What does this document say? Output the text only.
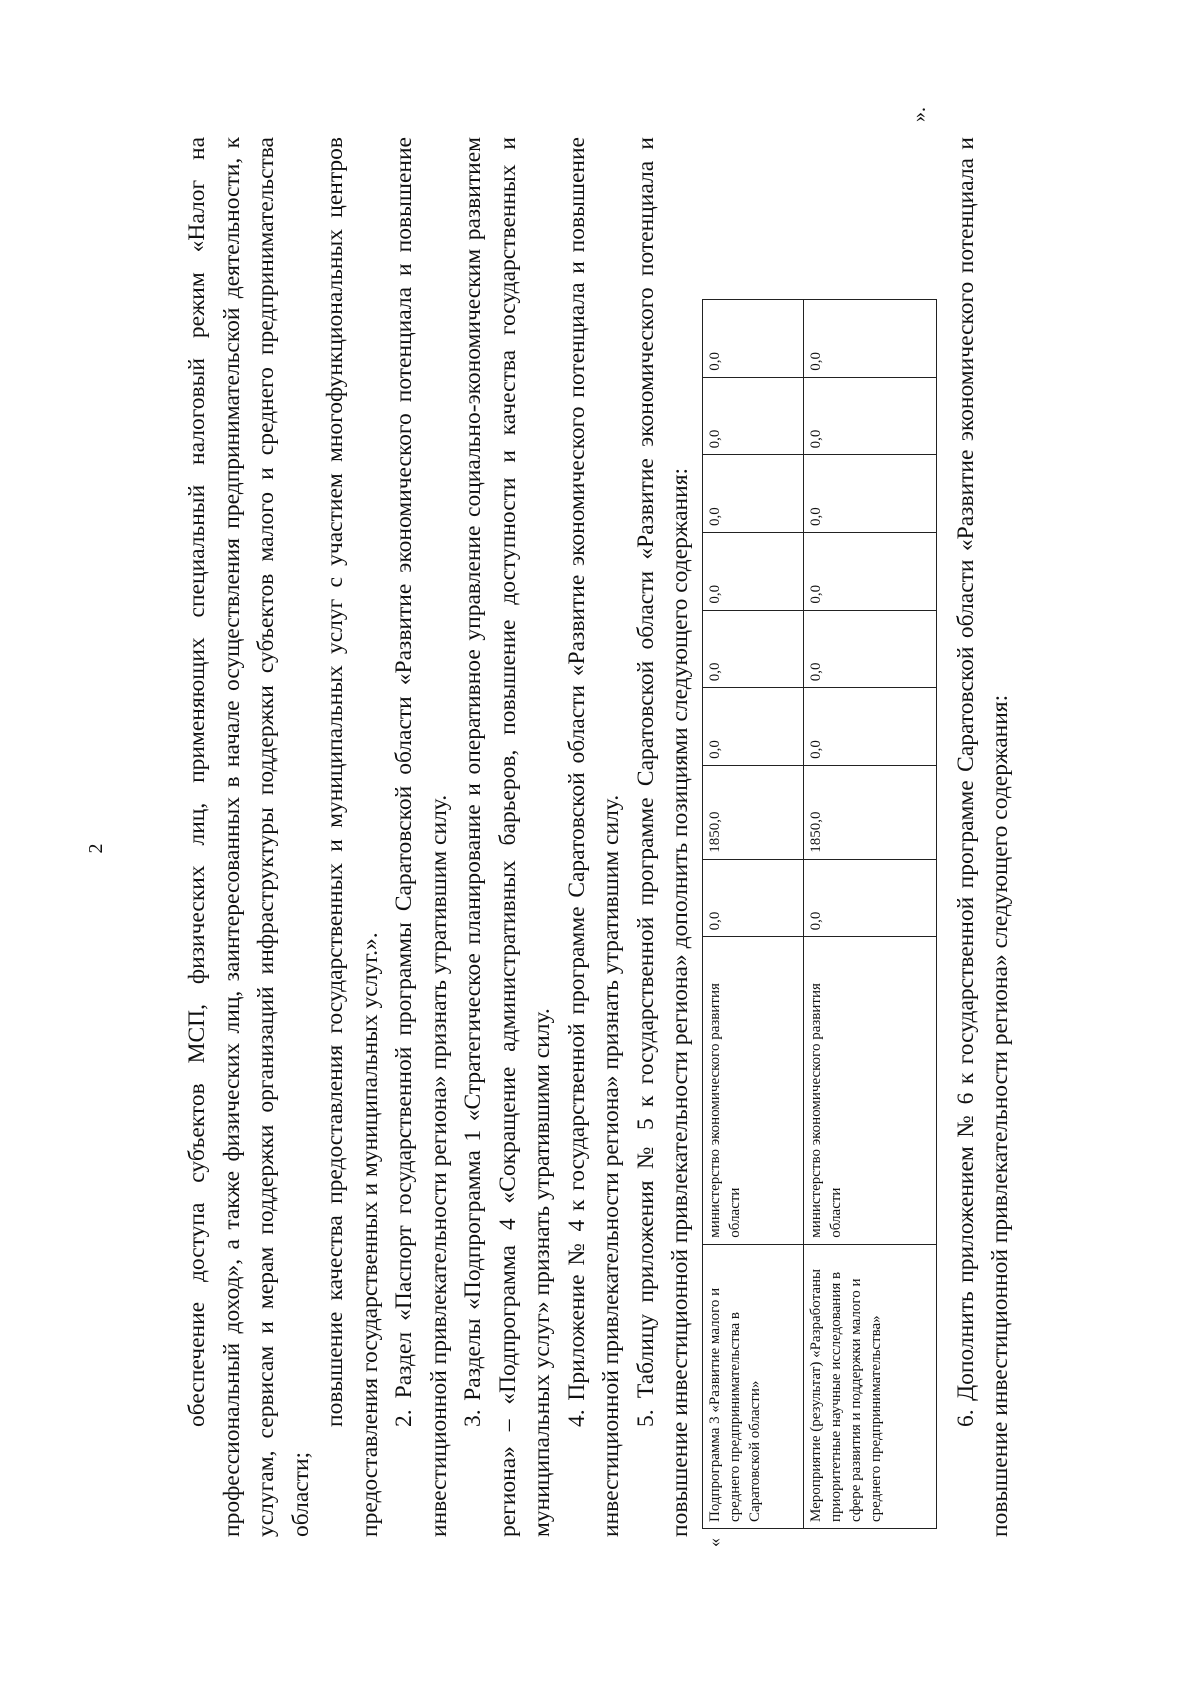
2	обеспечение доступа субъектов МСП, физических лиц, применяющих специальный налоговый режим «Налог на профессиональный доход», а также физических лиц, заинтересованных в начале осуществления предпринимательской деятельности, к услугам, сервисам и мерам поддержки организаций инфраструктуры поддержки субъектов малого и среднего предпринимательства области;

повышение качества предоставления государственных и муниципальных услуг с участием многофункциональных центров предоставления государственных и муниципальных услуг.». 2. Раздел «Паспорт государственной программы Саратовской области «Развитие экономического потенциала и повышение инвестиционной привлекательности региона» признать утратившим силу. 3. Разделы «Подпрограмма 1 «Стратегическое планирование и оперативное управление социально-экономическим развитием региона» – «Подпрограмма 4 «Сокращение административных барьеров, повышение доступности и качества государственных и муниципальных услуг» признать утратившими силу. 4. Приложение № 4 к государственной программе Саратовской области «Развитие экономического потенциала и повышение инвестиционной привлекательности региона» признать утратившим силу. 5. Таблицу приложения № 5 к государственной программе Саратовской области «Развитие экономического потенциала и повышение инвестиционной привлекательности региона» дополнить позициями следующего содержания:

«
Подпрограмма 3 «Развитие малого и среднего предпринимательства в Саратовской области»	министерство экономического развития области	0,0	1850,0	0,0	0,0	0,0	0,0	0,0	0,0
Мероприятие (результат) «Разработаны приоритетные научные исследования в сфере развития и поддержки малого и среднего предпринимательства»	министерство экономического развития области	0,0	1850,0	0,0	0,0	0,0	0,0	0,0	0,0
».

6. Дополнить приложением № 6 к государственной программе Саратовской области «Развитие экономического потенциала и повышение инвестиционной привлекательности региона» следующего содержания:
